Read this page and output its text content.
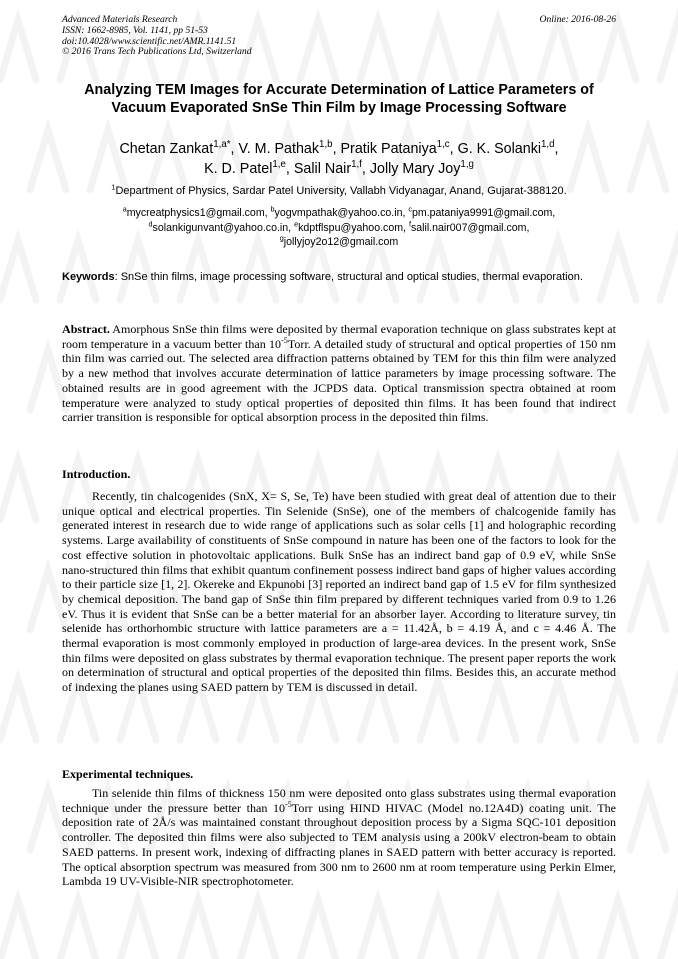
Advanced Materials Research
ISSN: 1662-8985, Vol. 1141, pp 51-53
doi:10.4028/www.scientific.net/AMR.1141.51
© 2016 Trans Tech Publications Ltd, Switzerland
Online: 2016-08-26
Analyzing TEM Images for Accurate Determination of Lattice Parameters of Vacuum Evaporated SnSe Thin Film by Image Processing Software
Chetan Zankat$^{1,a*}$, V. M. Pathak$^{1,b}$, Pratik Pataniya$^{1,c}$, G. K. Solanki$^{1,d}$,
K. D. Patel$^{1,e}$, Salil Nair$^{1,f}$, Jolly Mary Joy$^{1,g}$
$^1$Department of Physics, Sardar Patel University, Vallabh Vidyanagar, Anand, Gujarat-388120.
$^a$mycreatphysics1@gmail.com, $^b$yogvmpathak@yahoo.co.in, $^c$pm.pataniya9991@gmail.com,
$^d$solankigunvant@yahoo.co.in, $^e$kdptflspu@yahoo.com, $^f$salil.nair007@gmail.com,
$^g$jollyjoy2o12@gmail.com
Keywords: SnSe thin films, image processing software, structural and optical studies, thermal evaporation.
Abstract. Amorphous SnSe thin films were deposited by thermal evaporation technique on glass substrates kept at room temperature in a vacuum better than $10^{-5}Torr$. A detailed study of structural and optical properties of 150 nm thin film was carried out. The selected area diffraction patterns obtained by TEM for this thin film were analyzed by a new method that involves accurate determination of lattice parameters by image processing software. The obtained results are in good agreement with the JCPDS data. Optical transmission spectra obtained at room temperature were analyzed to study optical properties of deposited thin films. It has been found that indirect carrier transition is responsible for optical absorption process in the deposited thin films.
Introduction.
Recently, tin chalcogenides (SnX, X= S, Se, Te) have been studied with great deal of attention due to their unique optical and electrical properties. Tin Selenide (SnSe), one of the members of chalcogenide family has generated interest in research due to wide range of applications such as solar cells [1] and holographic recording systems. Large availability of constituents of SnSe compound in nature has been one of the factors to look for the cost effective solution in photovoltaic applications. Bulk SnSe has an indirect band gap of 0.9 eV, while SnSe nano-structured thin films that exhibit quantum confinement possess indirect band gaps of higher values according to their particle size [1, 2]. Okereke and Ekpunobi [3] reported an indirect band gap of 1.5 eV for film synthesized by chemical deposition. The band gap of SnSe thin film prepared by different techniques varied from 0.9 to 1.26 eV. Thus it is evident that SnSe can be a better material for an absorber layer. According to literature survey, tin selenide has orthorhombic structure with lattice parameters are a = 11.42Å, b = 4.19 Å, and c = 4.46 Å. The thermal evaporation is most commonly employed in production of large-area devices. In the present work, SnSe thin films were deposited on glass substrates by thermal evaporation technique. The present paper reports the work on determination of structural and optical properties of the deposited thin films. Besides this, an accurate method of indexing the planes using SAED pattern by TEM is discussed in detail.
Experimental techniques.
Tin selenide thin films of thickness 150 nm were deposited onto glass substrates using thermal evaporation technique under the pressure better than $10^{-5}Torr$ using HIND HIVAC (Model no.12A4D) coating unit. The deposition rate of 2Å/s was maintained constant throughout deposition process by a Sigma SQC-101 deposition controller. The deposited thin films were also subjected to TEM analysis using a 200kV electron-beam to obtain SAED patterns. In present work, indexing of diffracting planes in SAED pattern with better accuracy is reported. The optical absorption spectrum was measured from 300 nm to 2600 nm at room temperature using Perkin Elmer, Lambda 19 UV-Visible-NIR spectrophotometer.
